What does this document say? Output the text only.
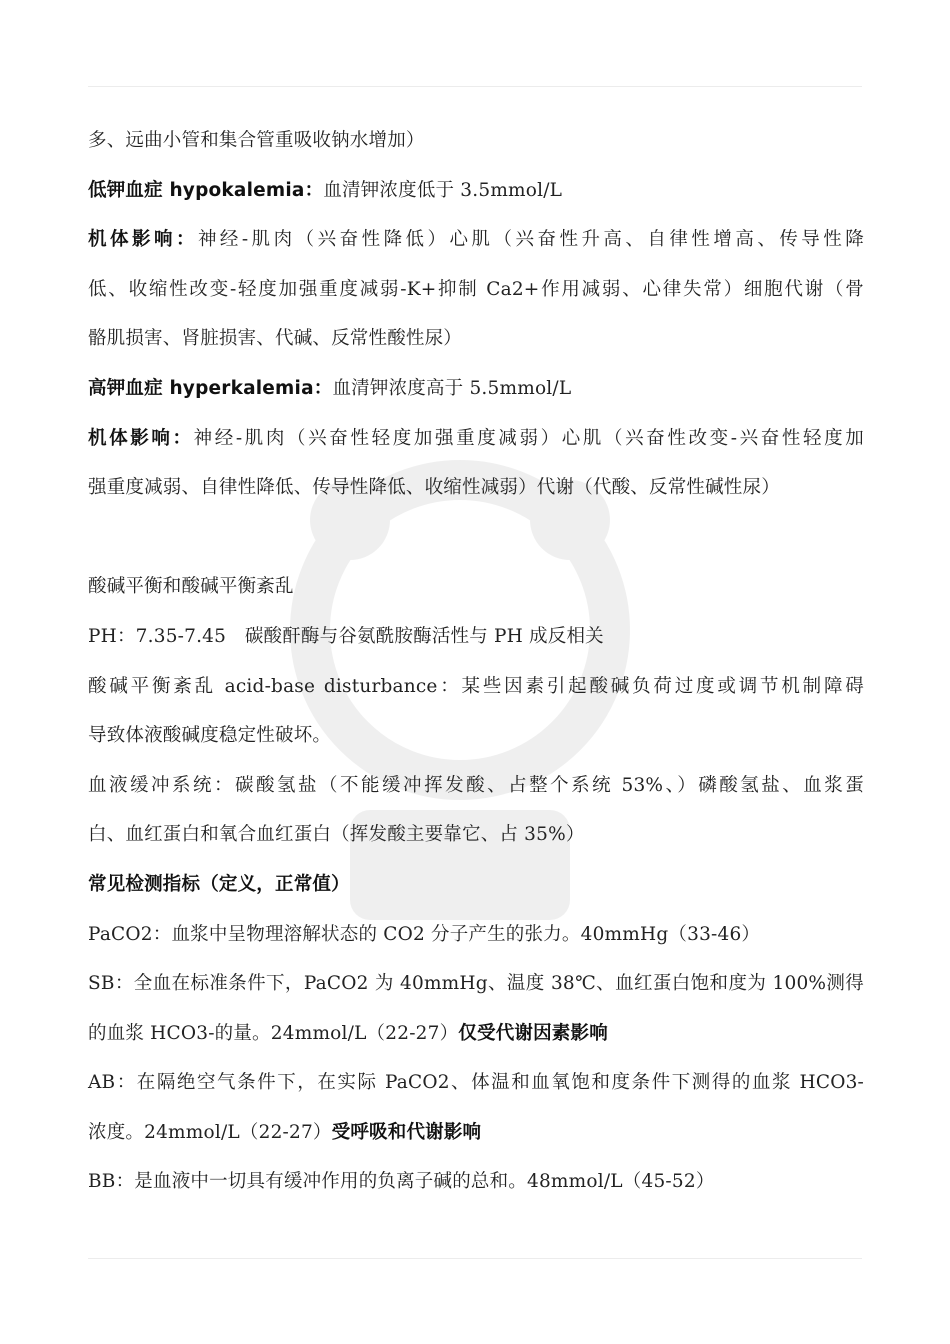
多、远曲小管和集合管重吸收钠水增加）
低钾血症 hypokalemia：血清钾浓度低于 3.5mmol/L
机体影响：神经-肌肉（兴奋性降低）心肌（兴奋性升高、自律性增高、传导性降
低、收缩性改变-轻度加强重度减弱-K+抑制 Ca2+作用减弱、心律失常）细胞代谢（骨
骼肌损害、肾脏损害、代碱、反常性酸性尿）
高钾血症 hyperkalemia：血清钾浓度高于 5.5mmol/L
机体影响：神经-肌肉（兴奋性轻度加强重度减弱）心肌（兴奋性改变-兴奋性轻度加
强重度减弱、自律性降低、传导性降低、收缩性减弱）代谢（代酸、反常性碱性尿）
酸碱平衡和酸碱平衡紊乱
PH：7.35-7.45　碳酸酐酶与谷氨酰胺酶活性与 PH 成反相关
酸碱平衡紊乱 acid-base disturbance：某些因素引起酸碱负荷过度或调节机制障碍
导致体液酸碱度稳定性破坏。
血液缓冲系统：碳酸氢盐（不能缓冲挥发酸、占整个系统 53%、）磷酸氢盐、血浆蛋
白、血红蛋白和氧合血红蛋白（挥发酸主要靠它、占 35%）
常见检测指标（定义，正常值）
PaCO2：血浆中呈物理溶解状态的 CO2 分子产生的张力。40mmHg（33-46）
SB：全血在标准条件下，PaCO2 为 40mmHg、温度 38℃、血红蛋白饱和度为 100%测得
的血浆 HCO3-的量。24mmol/L（22-27）仅受代谢因素影响
AB：在隔绝空气条件下，在实际 PaCO2、体温和血氧饱和度条件下测得的血浆 HCO3-
浓度。24mmol/L（22-27）受呼吸和代谢影响
BB：是血液中一切具有缓冲作用的负离子碱的总和。48mmol/L（45-52）
